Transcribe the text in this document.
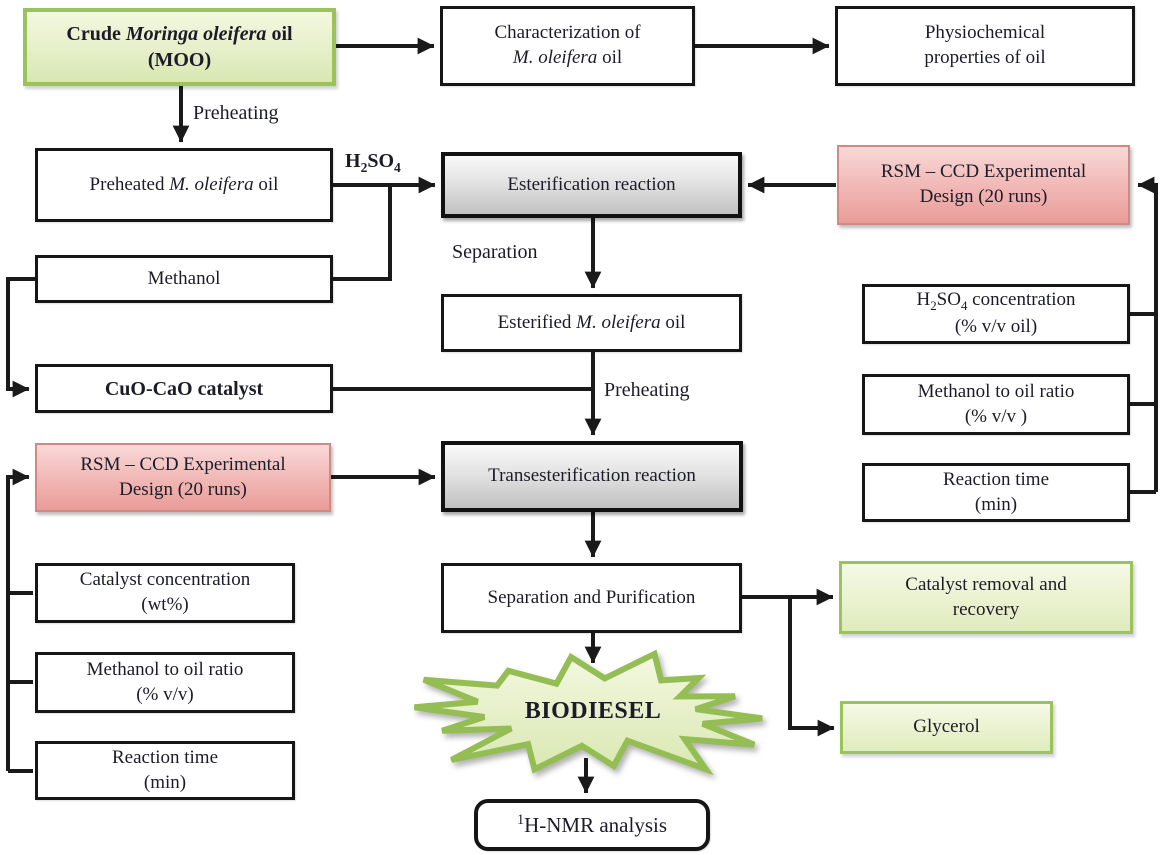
Crude Moringa oleifera oil
(MOO)
Characterization of
M. oleifera oil
Physiochemical
properties of oil
Preheated M. oleifera oil
Methanol
CuO-CaO catalyst
Esterification reaction
Esterified M. oleifera oil
RSM – CCD Experimental
Design (20 runs)
$H_2SO_4$ concentration
(% v/v oil)
Methanol to oil ratio
(% v/v )
Reaction time
(min)
RSM – CCD Experimental
Design (20 runs)
Transesterification reaction
Catalyst concentration
(wt%)
Methanol to oil ratio
(% v/v)
Reaction time
(min)
Separation and Purification
Catalyst removal and
recovery
Glycerol
$^1$H-NMR analysis
BIODIESEL
Preheating
$H_2SO_4$
Separation
Preheating
